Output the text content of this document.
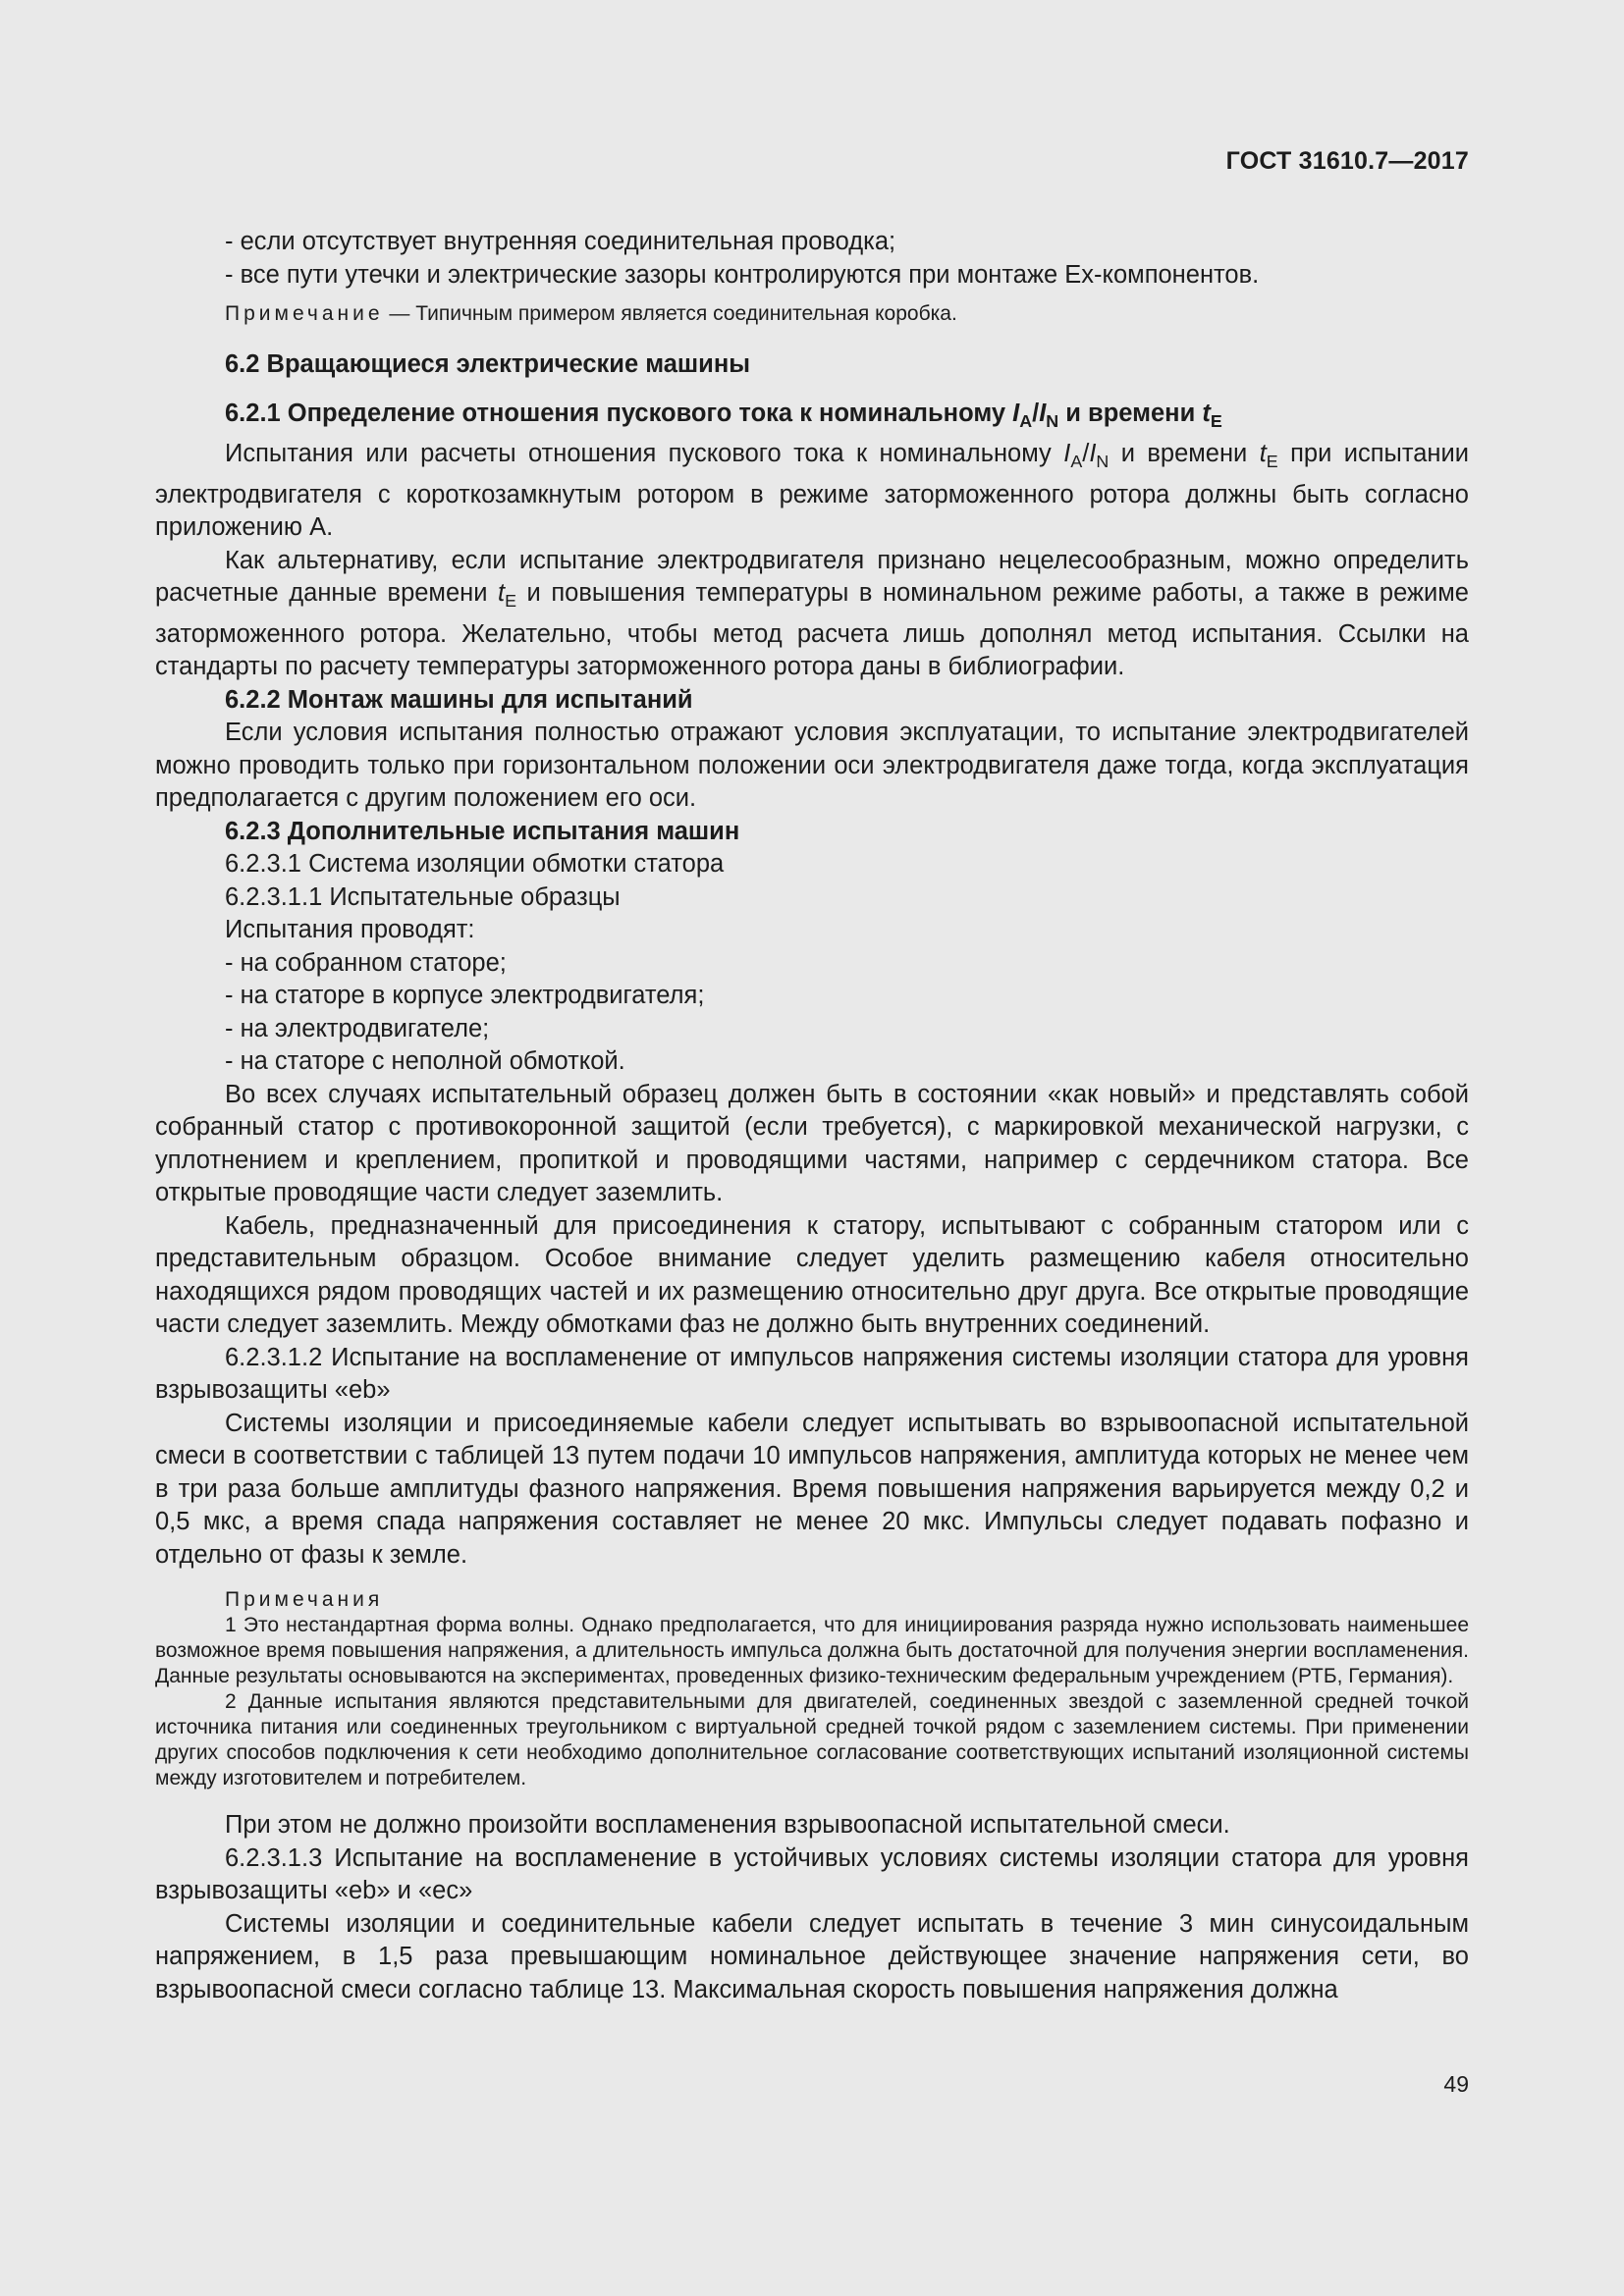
ГОСТ 31610.7—2017

- если отсутствует внутренняя соединительная проводка;

- все пути утечки и электрические зазоры контролируются при монтаже Ех-компонентов.

Примечание — Типичным примером является соединительная коробка.

6.2 Вращающиеся электрические машины

6.2.1 Определение отношения пускового тока к номинальному $I_A/I_N$ и времени $t_E$

Испытания или расчеты отношения пускового тока к номинальному $I_A/I_N$ и времени $t_E$ при испытании электродвигателя с короткозамкнутым ротором в режиме заторможенного ротора должны быть согласно приложению А.

Как альтернативу, если испытание электродвигателя признано нецелесообразным, можно определить расчетные данные времени $t_E$ и повышения температуры в номинальном режиме работы, а также в режиме заторможенного ротора. Желательно, чтобы метод расчета лишь дополнял метод испытания. Ссылки на стандарты по расчету температуры заторможенного ротора даны в библиографии.

6.2.2 Монтаж машины для испытаний

Если условия испытания полностью отражают условия эксплуатации, то испытание электродвигателей можно проводить только при горизонтальном положении оси электродвигателя даже тогда, когда эксплуатация предполагается с другим положением его оси.

6.2.3 Дополнительные испытания машин

6.2.3.1 Система изоляции обмотки статора

6.2.3.1.1 Испытательные образцы

Испытания проводят:

- на собранном статоре;

- на статоре в корпусе электродвигателя;

- на электродвигателе;

- на статоре с неполной обмоткой.

Во всех случаях испытательный образец должен быть в состоянии «как новый» и представлять собой собранный статор с противокоронной защитой (если требуется), с маркировкой механической нагрузки, с уплотнением и креплением, пропиткой и проводящими частями, например с сердечником статора. Все открытые проводящие части следует заземлить.

Кабель, предназначенный для присоединения к статору, испытывают с собранным статором или с представительным образцом. Особое внимание следует уделить размещению кабеля относительно находящихся рядом проводящих частей и их размещению относительно друг друга. Все открытые проводящие части следует заземлить. Между обмотками фаз не должно быть внутренних соединений.

6.2.3.1.2 Испытание на воспламенение от импульсов напряжения системы изоляции статора для уровня взрывозащиты «eb»

Системы изоляции и присоединяемые кабели следует испытывать во взрывоопасной испытательной смеси в соответствии с таблицей 13 путем подачи 10 импульсов напряжения, амплитуда которых не менее чем в три раза больше амплитуды фазного напряжения. Время повышения напряжения варьируется между 0,2 и 0,5 мкс, а время спада напряжения составляет не менее 20 мкс. Импульсы следует подавать пофазно и отдельно от фазы к земле.

Примечания

1 Это нестандартная форма волны. Однако предполагается, что для инициирования разряда нужно использовать наименьшее возможное время повышения напряжения, а длительность импульса должна быть достаточной для получения энергии воспламенения. Данные результаты основываются на экспериментах, проведенных физико-техническим федеральным учреждением (РТБ, Германия).

2 Данные испытания являются представительными для двигателей, соединенных звездой с заземленной средней точкой источника питания или соединенных треугольником с виртуальной средней точкой рядом с заземлением системы. При применении других способов подключения к сети необходимо дополнительное согласование соответствующих испытаний изоляционной системы между изготовителем и потребителем.

При этом не должно произойти воспламенения взрывоопасной испытательной смеси.

6.2.3.1.3 Испытание на воспламенение в устойчивых условиях системы изоляции статора для уровня взрывозащиты «eb» и «ec»

Системы изоляции и соединительные кабели следует испытать в течение 3 мин синусоидальным напряжением, в 1,5 раза превышающим номинальное действующее значение напряжения сети, во взрывоопасной смеси согласно таблице 13. Максимальная скорость повышения напряжения должна

49
